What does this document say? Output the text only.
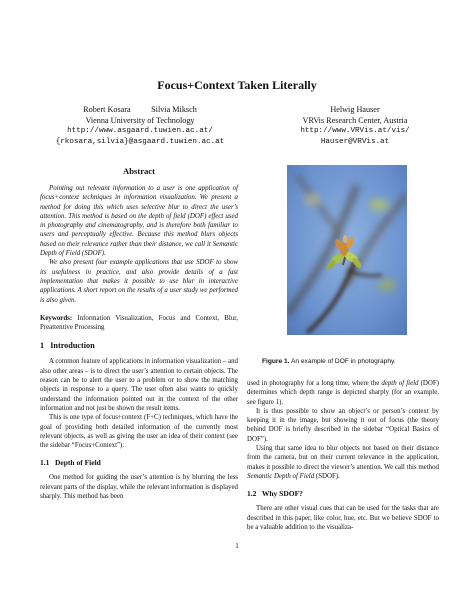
Focus+Context Taken Literally
Robert Kosara          Silvia Miksch
Vienna University of Technology
http://www.asgaard.tuwien.ac.at/
{rkosara,silvia}@asgaard.tuwien.ac.at
Helwig Hauser
VRVis Research Center, Austria
http://www.VRVis.at/vis/
Hauser@VRVis.at
Abstract

Pointing out relevant information to a user is one application of focus+context techniques in information visualization. We present a method for doing this which uses selective blur to direct the user’s attention. This method is based on the depth of field (DOF) effect used in photography and cinematography, and is therefore both familiar to users and perceptually effective. Because this method blurs objects based on their relevance rather than their distance, we call it Semantic Depth of Field (SDOF).

We also present four example applications that use SDOF to show its usefulness in practice, and also provide details of a fast implementation that makes it possible to use blur in interactive applications. A short report on the results of a user study we performed is also given.

Keywords: Information Visualization, Focus and Context, Blur, Preattentive Processing

1   Introduction

A common feature of applications in information visualization – and also other areas – is to direct the user’s attention to certain objects. The reason can be to alert the user to a problem or to show the matching objects in response to a query. The user often also wants to quickly understand the information pointed out in the context of the other information and not just be shown the result items.

This is one type of focus+context (F+C) techniques, which have the goal of providing both detailed information of the currently most relevant objects, as well as giving the user an idea of their context (see the sidebar “Focus+Context”).

1.1   Depth of Field

One method for guiding the user’s attention is by blurring the less relevant parts of the display, while the relevant information is displayed sharply. This method has been

Figure 1. An example of DOF in photography.

used in photography for a long time, where the depth of field (DOF) determines which depth range is depicted sharply (for an example, see figure 1).

It is thus possible to show an object’s or person’s context by keeping it in the image, but showing it out of focus (the theory behind DOF is briefly described in the sidebar “Optical Basics of DOF”).

Using that same idea to blur objects not based on their distance from the camera, but on their current relevance in the application, makes it possible to direct the viewer’s attention. We call this method Semantic Depth of Field (SDOF).

1.2   Why SDOF?

There are other visual cues that can be used for the tasks that are described in this paper, like color, hue, etc. But we believe SDOF to be a valuable addition to the visualiza-

1
